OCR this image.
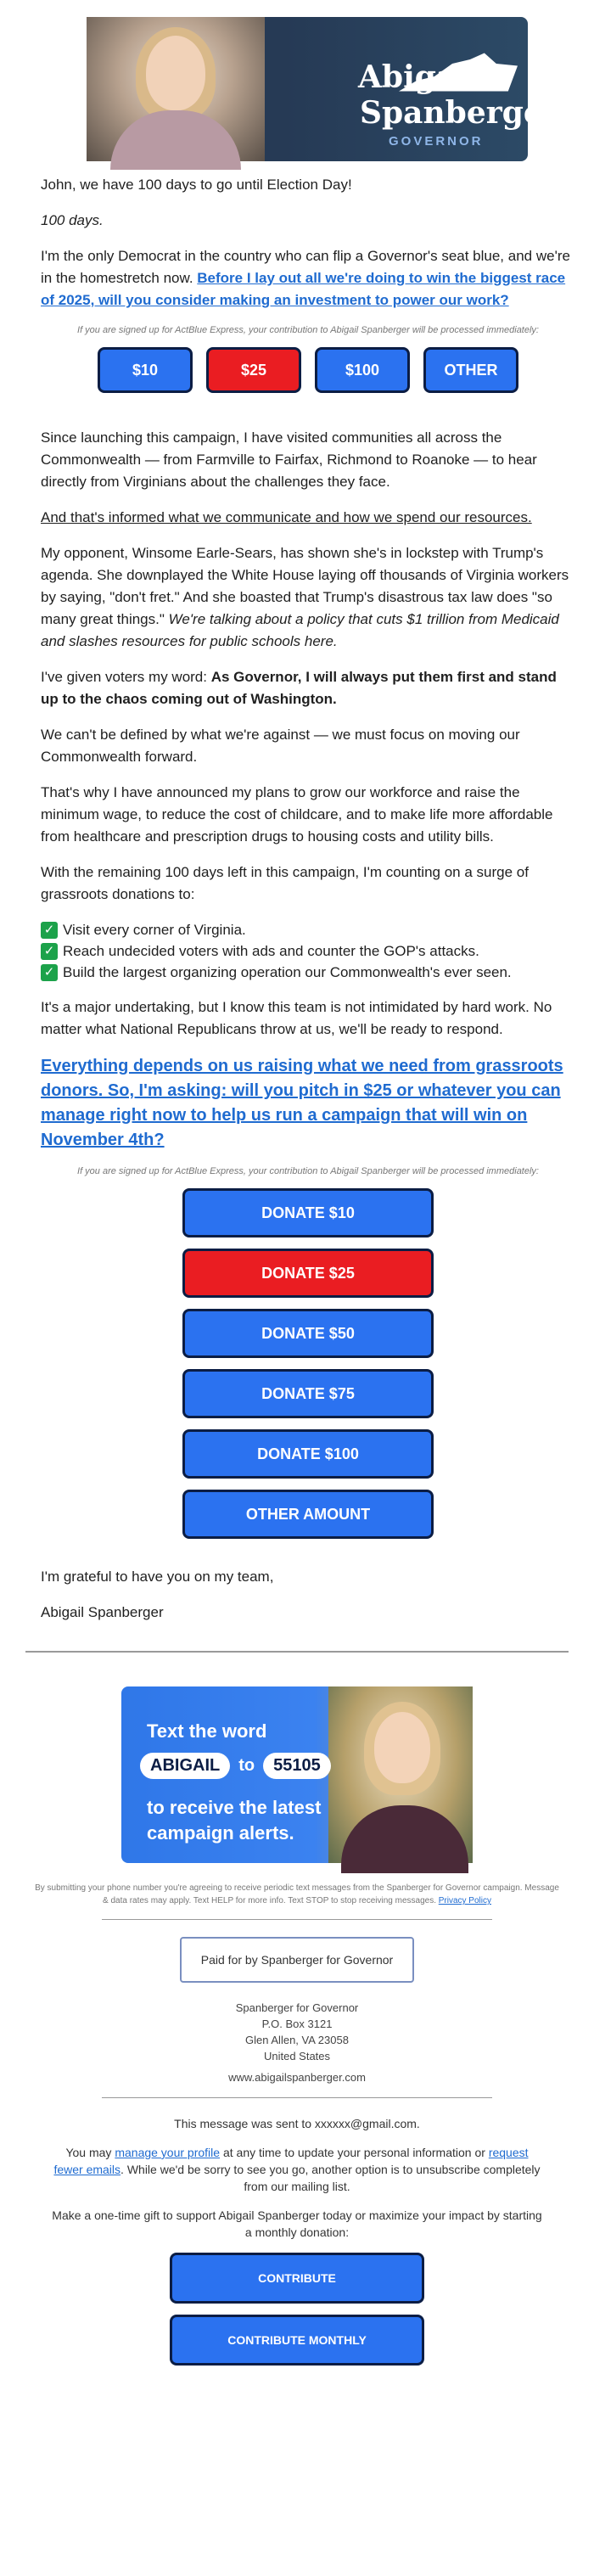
Abigail
Spanberger
GOVERNOR

John, we have 100 days to go until Election Day!

100 days.

I'm the only Democrat in the country who can flip a Governor's seat blue, and we're in the homestretch now. Before I lay out all we're doing to win the biggest race of 2025, will you consider making an investment to power our work?

If you are signed up for ActBlue Express, your contribution to Abigail Spanberger will be processed immediately:
$10	$25	$100	OTHER

Since launching this campaign, I have visited communities all across the Commonwealth — from Farmville to Fairfax, Richmond to Roanoke — to hear directly from Virginians about the challenges they face.

And that's informed what we communicate and how we spend our resources.

My opponent, Winsome Earle-Sears, has shown she's in lockstep with Trump's agenda. She downplayed the White House laying off thousands of Virginia workers by saying, "don't fret." And she boasted that Trump's disastrous tax law does "so many great things." We're talking about a policy that cuts $1 trillion from Medicaid and slashes resources for public schools here.

I've given voters my word: As Governor, I will always put them first and stand up to the chaos coming out of Washington.

We can't be defined by what we're against — we must focus on moving our Commonwealth forward.

That's why I have announced my plans to grow our workforce and raise the minimum wage, to reduce the cost of childcare, and to make life more affordable from healthcare and prescription drugs to housing costs and utility bills.

With the remaining 100 days left in this campaign, I'm counting on a surge of grassroots donations to:

✓ Visit every corner of Virginia.
✓ Reach undecided voters with ads and counter the GOP's attacks.
✓ Build the largest organizing operation our Commonwealth's ever seen.

It's a major undertaking, but I know this team is not intimidated by hard work. No matter what National Republicans throw at us, we'll be ready to respond.

Everything depends on us raising what we need from grassroots donors. So, I'm asking: will you pitch in $25 or whatever you can manage right now to help us run a campaign that will win on November 4th?

If you are signed up for ActBlue Express, your contribution to Abigail Spanberger will be processed immediately:
DONATE $10
DONATE $25
DONATE $50
DONATE $75
DONATE $100
OTHER AMOUNT

I'm grateful to have you on my team,

Abigail Spanberger

Text the word
ABIGAIL	to	55105
to receive the latest campaign alerts.
By submitting your phone number you're agreeing to receive periodic text messages from the Spanberger for Governor campaign. Message & data rates may apply. Text HELP for more info. Text STOP to stop receiving messages. Privacy Policy
Paid for by Spanberger for Governor
Spanberger for Governor
P.O. Box 3121
Glen Allen, VA 23058
United States
www.abigailspanberger.com
This message was sent to xxxxxx@gmail.com.
You may manage your profile at any time to update your personal information or request fewer emails. While we'd be sorry to see you go, another option is to unsubscribe completely from our mailing list.
Make a one-time gift to support Abigail Spanberger today or maximize your impact by starting a monthly donation:
CONTRIBUTE
CONTRIBUTE MONTHLY
